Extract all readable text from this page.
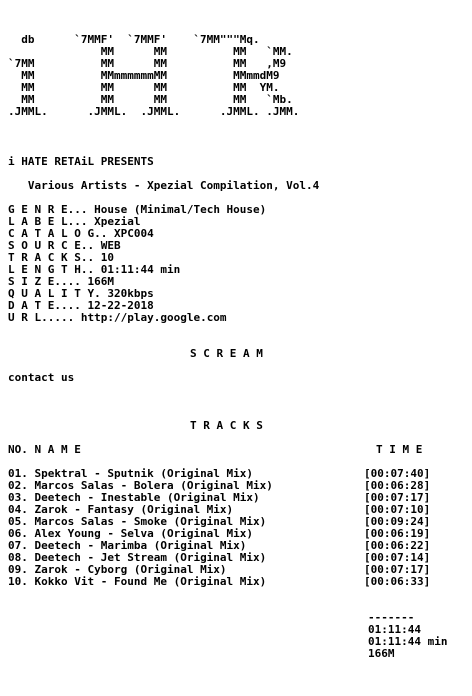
db      `7MMF'  `7MMF'    `7MM"""Mq.
MM      MM          MM   `MM.
`7MM          MM      MM          MM   ,M9
MM          MMmmmmmmMM          MMmmdM9
MM          MM      MM          MM  YM.
MM          MM      MM          MM   `Mb.
.JMML.      .JMML.  .JMML.      .JMML. .JMM.
i HATE RETAiL PRESENTS
Various Artists - Xpezial Compilation, Vol.4
G E N R E...
House (Minimal/Tech House)
L A B E L...
Xpezial
C A T A L O G..
XPC004
S O U R C E..
WEB
T R A C K S..
10
L E N G T H..
01:11:44 min
S I Z E....
166M
Q U A L I T Y.
320kbps
D A T E....
12-22-2018
U R L.....
http://play.google.com
S C R E A M
contact us
T R A C K S
NO. N A M E	T I M E
01. Spektral - Sputnik (Original Mix)	[00:07:40]
02. Marcos Salas - Bolera (Original Mix)	[00:06:28]
03. Deetech - Inestable (Original Mix)	[00:07:17]
04. Zarok - Fantasy (Original Mix)	[00:07:10]
05. Marcos Salas - Smoke (Original Mix)	[00:09:24]
06. Alex Young - Selva (Original Mix)	[00:06:19]
07. Deetech - Marimba (Original Mix)	[00:06:22]
08. Deetech - Jet Stream (Original Mix)	[00:07:14]
09. Zarok - Cyborg (Original Mix)	[00:07:17]
10. Kokko Vit - Found Me (Original Mix)	[00:06:33]
-------
01:11:44
01:11:44 min
166M
